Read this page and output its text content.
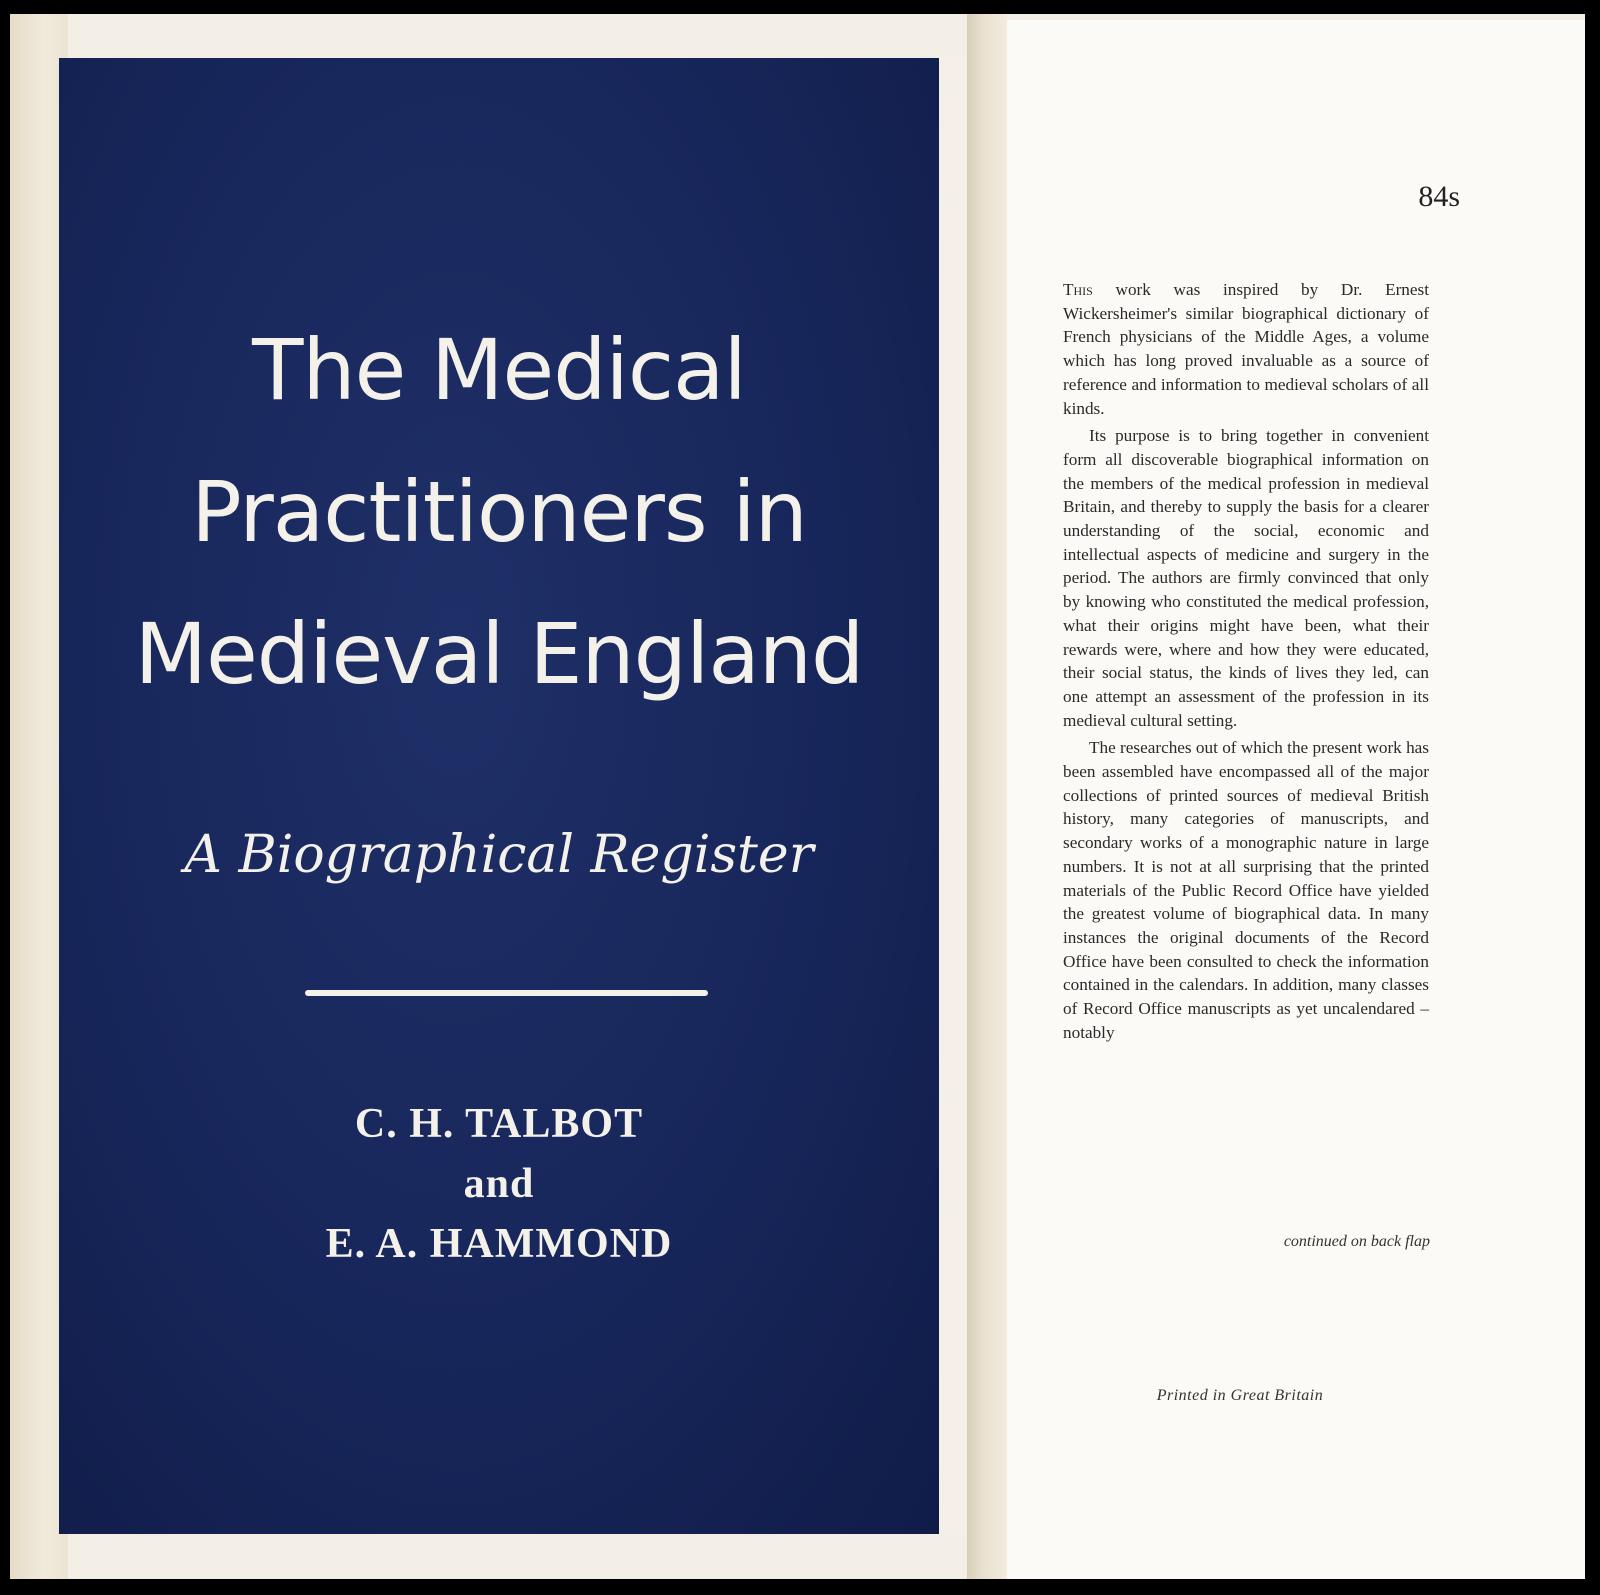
The Medical
Practitioners in
Medieval England
A Biographical Register
C. H. TALBOT
and
E. A. HAMMOND
84s

This work was inspired by Dr. Ernest Wickersheimer's similar biographical dictionary of French physicians of the Middle Ages, a volume which has long proved invaluable as a source of reference and information to medieval scholars of all kinds.

Its purpose is to bring together in convenient form all discoverable biographical information on the members of the medical profession in medieval Britain, and thereby to supply the basis for a clearer understanding of the social, economic and intellectual aspects of medicine and surgery in the period. The authors are firmly convinced that only by knowing who constituted the medical profession, what their origins might have been, what their rewards were, where and how they were educated, their social status, the kinds of lives they led, can one attempt an assessment of the profession in its medieval cultural setting.

The researches out of which the present work has been assembled have encompassed all of the major collections of printed sources of medieval British history, many categories of manuscripts, and secondary works of a monographic nature in large numbers. It is not at all surprising that the printed materials of the Public Record Office have yielded the greatest volume of biographical data. In many instances the original documents of the Record Office have been consulted to check the information contained in the calendars. In addition, many classes of Record Office manuscripts as yet uncalendared – notably

continued on back flap
Printed in Great Britain
